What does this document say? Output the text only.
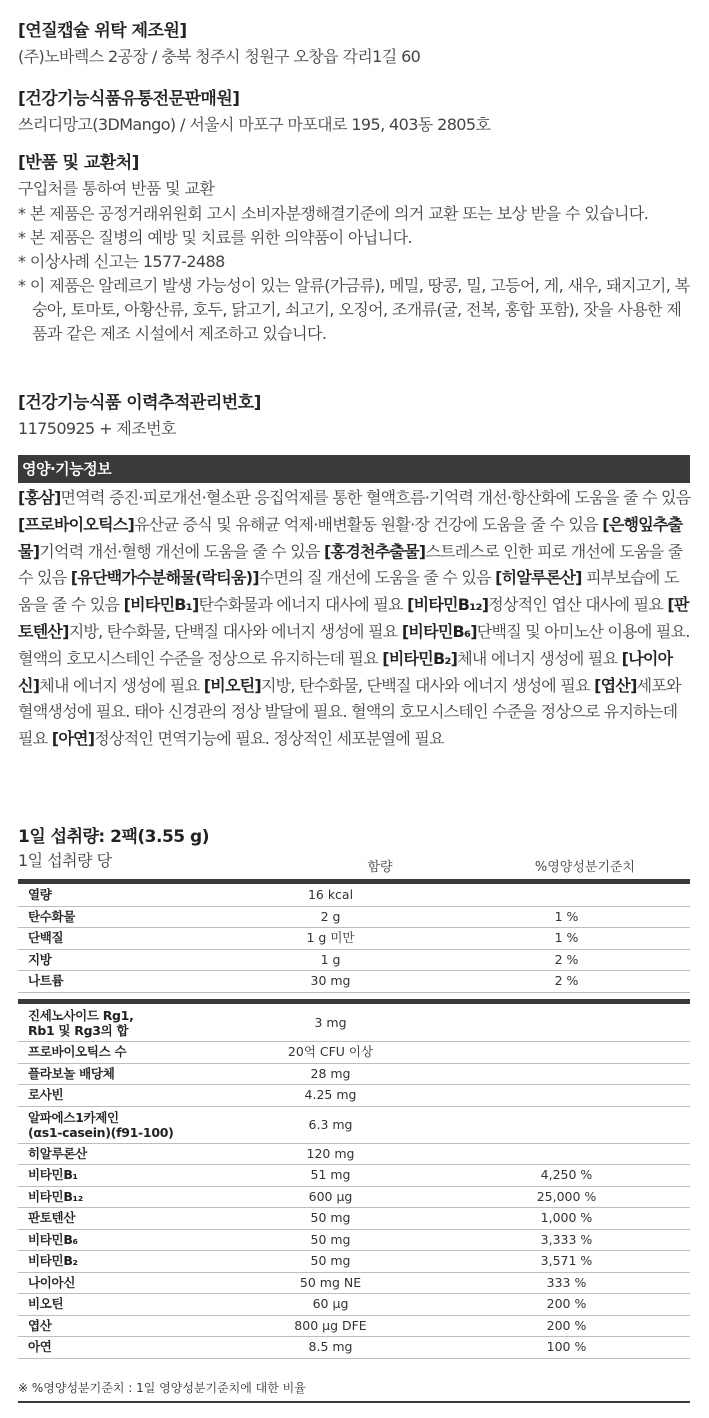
[연질캡슐 위탁 제조원]

(주)노바렉스 2공장 / 충북 청주시 청원구 오창읍 각리1길 60

[건강기능식품유통전문판매원]

쓰리디망고(3DMango) / 서울시 마포구 마포대로 195, 403동 2805호

[반품 및 교환처]

구입처를 통하여 반품 및 교환

* 본 제품은 공정거래위원회 고시 소비자분쟁해결기준에 의거 교환 또는 보상 받을 수 있습니다.

* 본 제품은 질병의 예방 및 치료를 위한 의약품이 아닙니다.

* 이상사례 신고는 1577-2488

* 이 제품은 알레르기 발생 가능성이 있는 알류(가금류), 메밀, 땅콩, 밀, 고등어, 게, 새우, 돼지고기, 복숭아, 토마토, 아황산류, 호두, 닭고기, 쇠고기, 오징어, 조개류(굴, 전복, 홍합 포함), 잣을 사용한 제품과 같은 제조 시설에서 제조하고 있습니다.

[건강기능식품 이력추적관리번호]

11750925 + 제조번호

영양·기능정보

[홍삼]면역력 증진·피로개선·혈소판 응집억제를 통한 혈액흐름·기억력 개선·항산화에 도움을 줄 수 있음 [프로바이오틱스]유산균 증식 및 유해균 억제·배변활동 원활·장 건강에 도움을 줄 수 있음 [은행잎추출물]기억력 개선·혈행 개선에 도움을 줄 수 있음 [홍경천추출물]스트레스로 인한 피로 개선에 도움을 줄 수 있음 [유단백가수분해물(락티움)]수면의 질 개선에 도움을 줄 수 있음 [히알루론산] 피부보습에 도움을 줄 수 있음 [비타민B₁]탄수화물과 에너지 대사에 필요 [비타민B₁₂]정상적인 엽산 대사에 필요 [판토텐산]지방, 탄수화물, 단백질 대사와 에너지 생성에 필요 [비타민B₆]단백질 및 아미노산 이용에 필요. 혈액의 호모시스테인 수준을 정상으로 유지하는데 필요 [비타민B₂]체내 에너지 생성에 필요 [나이아신]체내 에너지 생성에 필요 [비오틴]지방, 탄수화물, 단백질 대사와 에너지 생성에 필요 [엽산]세포와 혈액생성에 필요. 태아 신경관의 정상 발달에 필요. 혈액의 호모시스테인 수준을 정상으로 유지하는데 필요 [아연]정상적인 면역기능에 필요. 정상적인 세포분열에 필요

1일 섭취량: 2팩(3.55 g)
1일 섭취량 당	함량	%영양성분기준치
열량	16 kcal	
탄수화물	2 g	1 %
단백질	1 g 미만	1 %
지방	1 g	2 %
나트륨	30 mg	2 %
진세노사이드 Rg1,
Rb1 및 Rg3의 합	3 mg	
프로바이오틱스 수	20억 CFU 이상	
플라보놀 배당체	28 mg	
로사빈	4.25 mg	
알파에스1카제인
(αs1-casein)(f91-100)	6.3 mg	
히알루론산	120 mg	
비타민B₁	51 mg	4,250 %
비타민B₁₂	600 μg	25,000 %
판토텐산	50 mg	1,000 %
비타민B₆	50 mg	3,333 %
비타민B₂	50 mg	3,571 %
나이아신	50 mg NE	333 %
비오틴	60 μg	200 %
엽산	800 μg DFE	200 %
아연	8.5 mg	100 %
※ %영양성분기준치 : 1일 영양성분기준치에 대한 비율
